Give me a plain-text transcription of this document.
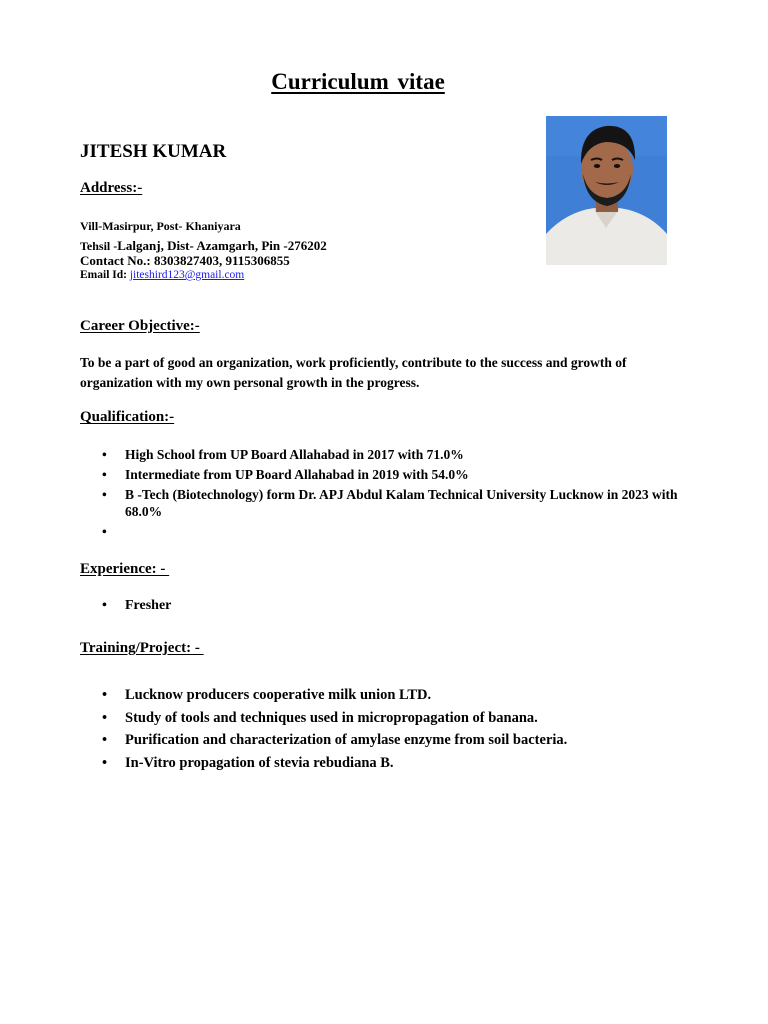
Curriculum vitae
JITESH KUMAR
Address:-
Vill-Masirpur, Post- Khaniyara
Tehsil -Lalganj, Dist- Azamgarh, Pin -276202
Contact No.: 8303827403, 9115306855
Email Id: jiteshird123@gmail.com
Career Objective:-
To be a part of good an organization, work proficiently, contribute to the success and growth of organization with my own personal growth in the progress.
Qualification:-
• High School from UP Board Allahabad in 2017 with 71.0%
• Intermediate from UP Board Allahabad in 2019 with 54.0%
• B -Tech (Biotechnology) form Dr. APJ Abdul Kalam Technical University Lucknow in 2023 with 68.0%
•
Experience: -
• Fresher
Training/Project: -
• Lucknow producers cooperative milk union LTD.
• Study of tools and techniques used in micropropagation of banana.
• Purification and characterization of amylase enzyme from soil bacteria.
• In-Vitro propagation of stevia rebudiana B.
